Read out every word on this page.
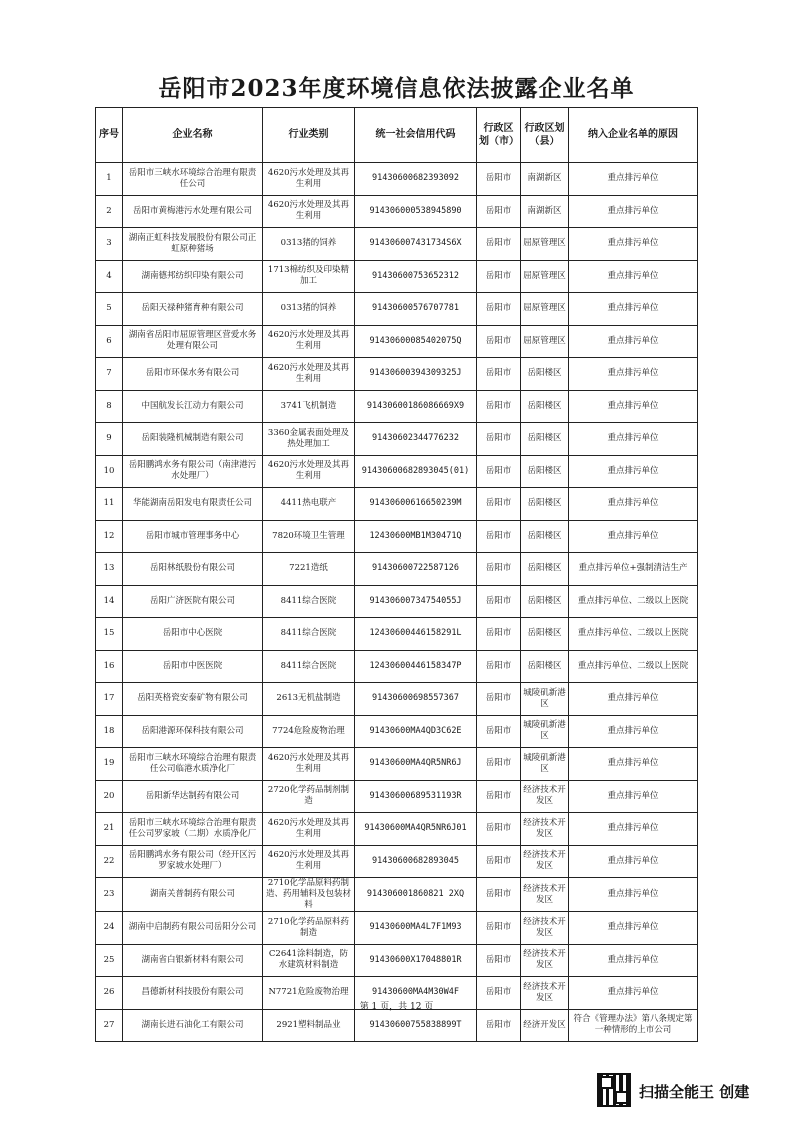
岳阳市2023年度环境信息依法披露企业名单
序号	企业名称	行业类别	统一社会信用代码	行政区划（市）	行政区划（县）	纳入企业名单的原因
1	岳阳市三峡水环境综合治理有限责任公司	4620污水处理及其再生利用	91430600682393092	岳阳市	南湖新区	重点排污单位
2	岳阳市黄梅港污水处理有限公司	4620污水处理及其再生利用	914306000538945890	岳阳市	南湖新区	重点排污单位
3	湖南正虹科技发展股份有限公司正虹原种猪场	0313猪的饲养	914306007431734S6X	岳阳市	屈原管理区	重点排污单位
4	湖南德邦纺织印染有限公司	1713棉纺织及印染精加工	91430600753652312	岳阳市	屈原管理区	重点排污单位
5	岳阳天禄种猪育种有限公司	0313猪的饲养	91430600576707781	岳阳市	屈原管理区	重点排污单位
6	湖南省岳阳市屈原管理区营爱水务处理有限公司	4620污水处理及其再生利用	91430600085402075Q	岳阳市	屈原管理区	重点排污单位
7	岳阳市环保水务有限公司	4620污水处理及其再生利用	91430600394309325J	岳阳市	岳阳楼区	重点排污单位
8	中国航发长江动力有限公司	3741飞机制造	91430600186086669X9	岳阳市	岳阳楼区	重点排污单位
9	岳阳装隆机械制造有限公司	3360金属表面处理及热处理加工	91430602344776232	岳阳市	岳阳楼区	重点排污单位
10	岳阳鹏鸿水务有限公司（南津港污水处理厂）	4620污水处理及其再生利用	91430600682893045(01)	岳阳市	岳阳楼区	重点排污单位
11	华能湖南岳阳发电有限责任公司	4411热电联产	91430600616650239M	岳阳市	岳阳楼区	重点排污单位
12	岳阳市城市管理事务中心	7820环境卫生管理	12430600MB1M30471Q	岳阳市	岳阳楼区	重点排污单位
13	岳阳林纸股份有限公司	7221造纸	91430600722587126	岳阳市	岳阳楼区	重点排污单位+强制清洁生产
14	岳阳广济医院有限公司	8411综合医院	91430600734754055J	岳阳市	岳阳楼区	重点排污单位、二级以上医院
15	岳阳市中心医院	8411综合医院	12430600446158291L	岳阳市	岳阳楼区	重点排污单位、二级以上医院
16	岳阳市中医医院	8411综合医院	12430600446158347P	岳阳市	岳阳楼区	重点排污单位、二级以上医院
17	岳阳英格瓷安泰矿物有限公司	2613无机盐制造	91430600698557367	岳阳市	城陵矶新港区	重点排污单位
18	岳阳港源环保科技有限公司	7724危险废物治理	91430600MA4QD3C62E	岳阳市	城陵矶新港区	重点排污单位
19	岳阳市三峡水环境综合治理有限责任公司临港水质净化厂	4620污水处理及其再生利用	91430600MA4QR5NR6J	岳阳市	城陵矶新港区	重点排污单位
20	岳阳新华达制药有限公司	2720化学药品制剂制造	91430600689531193R	岳阳市	经济技术开发区	重点排污单位
21	岳阳市三峡水环境综合治理有限责任公司罗家坡（二期）水质净化厂	4620污水处理及其再生利用	91430600MA4QR5NR6J01	岳阳市	经济技术开发区	重点排污单位
22	岳阳鹏鸿水务有限公司（经开区污罗家坡水处理厂）	4620污水处理及其再生利用	91430600682893045	岳阳市	经济技术开发区	重点排污单位
23	湖南关普制药有限公司	2710化学品原料药制造、药用辅料及包装材料	914306001860821 2XQ	岳阳市	经济技术开发区	重点排污单位
24	湖南中启制药有限公司岳阳分公司	2710化学药品原料药制造	91430600MA4L7F1M93	岳阳市	经济技术开发区	重点排污单位
25	湖南省白银新材料有限公司	C2641涂料制造，防水建筑材料制造	91430600X17048801R	岳阳市	经济技术开发区	重点排污单位
26	昌德新材科技股份有限公司	N7721危险废物治理	91430600MA4M30W4F	岳阳市	经济技术开发区	重点排污单位
27	湖南长进石油化工有限公司	2921塑料制品业	91430600755838899T	岳阳市	经济开发区	符合《管理办法》第八条规定第一种情形的上市公司
第 1 页，共 12 页
扫描全能王 创建
